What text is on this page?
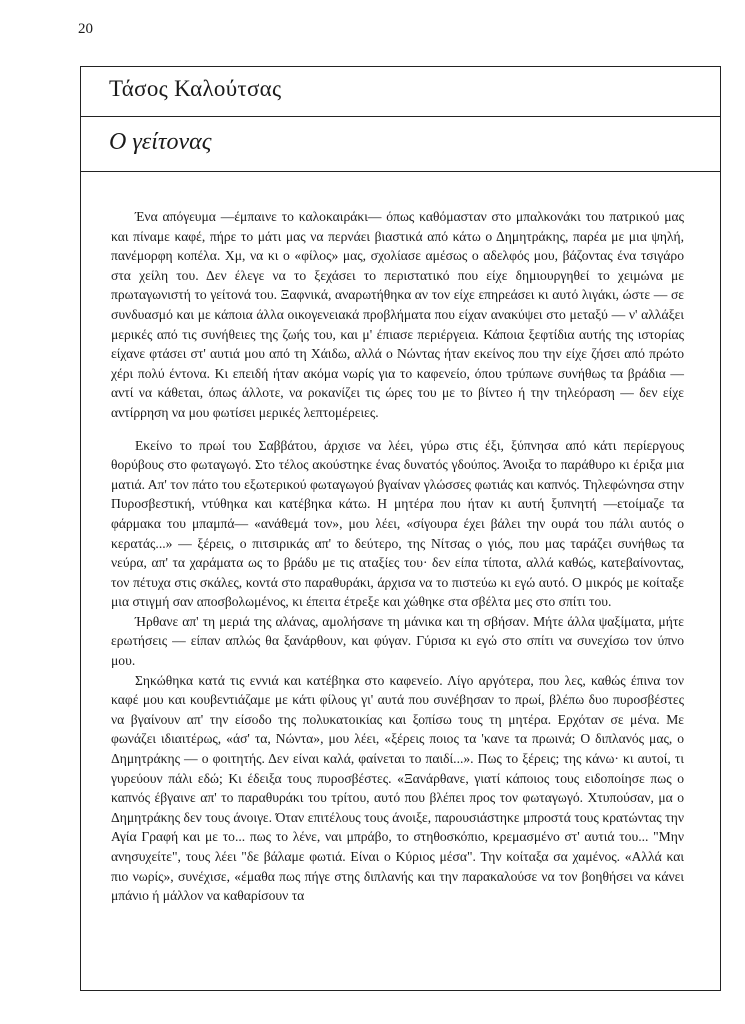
20
Τάσος Καλούτσας
Ο γείτονας

Ένα απόγευμα —έμπαινε το καλοκαιράκι— όπως καθόμασταν στο μπαλκονάκι του πατρικού μας και πίναμε καφέ, πήρε το μάτι μας να περνάει βιαστικά από κάτω ο Δημητράκης, παρέα με μια ψηλή, πανέμορφη κοπέλα. Χμ, να κι ο «φίλος» μας, σχολίασε αμέσως ο αδελφός μου, βάζοντας ένα τσιγάρο στα χείλη του. Δεν έλεγε να το ξεχάσει το περιστατικό που είχε δημιουργηθεί το χειμώνα με πρωταγωνιστή το γείτονά του. Ξαφνικά, αναρωτήθηκα αν τον είχε επηρεάσει κι αυτό λιγάκι, ώστε — σε συνδυασμό και με κάποια άλλα οικογενειακά προβλήματα που είχαν ανακύψει στο μεταξύ — ν' αλλάξει μερικές από τις συνήθειες της ζωής του, και μ' έπιασε περιέργεια. Κάποια ξεφτίδια αυτής της ιστορίας είχανε φτάσει στ' αυτιά μου από τη Χάιδω, αλλά ο Νώντας ήταν εκείνος που την είχε ζήσει από πρώτο χέρι πολύ έντονα. Κι επειδή ήταν ακόμα νωρίς για το καφενείο, όπου τρύπωνε συνήθως τα βράδια — αντί να κάθεται, όπως άλλοτε, να ροκανίζει τις ώρες του με το βίντεο ή την τηλεόραση — δεν είχε αντίρρηση να μου φωτίσει μερικές λεπτομέρειες.

Εκείνο το πρωί του Σαββάτου, άρχισε να λέει, γύρω στις έξι, ξύπνησα από κάτι περίεργους θορύβους στο φωταγωγό. Στο τέλος ακούστηκε ένας δυνατός γδούπος. Άνοιξα το παράθυρο κι έριξα μια ματιά. Απ' τον πάτο του εξωτερικού φωταγωγού βγαίναν γλώσσες φωτιάς και καπνός. Τηλεφώνησα στην Πυροσβεστική, ντύθηκα και κατέβηκα κάτω. Η μητέρα που ήταν κι αυτή ξυπνητή —ετοίμαζε τα φάρμακα του μπαμπά— «ανάθεμά τον», μου λέει, «σίγουρα έχει βάλει την ουρά του πάλι αυτός ο κερατάς...» — ξέρεις, ο πιτσιρικάς απ' το δεύτερο, της Νίτσας ο γιός, που μας ταράζει συνήθως τα νεύρα, απ' τα χαράματα ως το βράδυ με τις αταξίες του· δεν είπα τίποτα, αλλά καθώς, κατεβαίνοντας, τον πέτυχα στις σκάλες, κοντά στο παραθυράκι, άρχισα να το πιστεύω κι εγώ αυτό. Ο μικρός με κοίταξε μια στιγμή σαν αποσβολωμένος, κι έπειτα έτρεξε και χώθηκε στα σβέλτα μες στο σπίτι του.

Ήρθανε απ' τη μεριά της αλάνας, αμολήσανε τη μάνικα και τη σβήσαν. Μήτε άλλα ψαξίματα, μήτε ερωτήσεις — είπαν απλώς θα ξανάρθουν, και φύγαν. Γύρισα κι εγώ στο σπίτι να συνεχίσω τον ύπνο μου.

Σηκώθηκα κατά τις εννιά και κατέβηκα στο καφενείο. Λίγο αργότερα, που λες, καθώς έπινα τον καφέ μου και κουβεντιάζαμε με κάτι φίλους γι' αυτά που συνέβησαν το πρωί, βλέπω δυο πυροσβέστες να βγαίνουν απ' την είσοδο της πολυκατοικίας και ξοπίσω τους τη μητέρα. Ερχόταν σε μένα. Με φωνάζει ιδιαιτέρως, «άσ' τα, Νώντα», μου λέει, «ξέρεις ποιος τα 'κανε τα πρωινά; Ο διπλανός μας, ο Δημητράκης — ο φοιτητής. Δεν είναι καλά, φαίνεται το παιδί...». Πως το ξέρεις; της κάνω· κι αυτοί, τι γυρεύουν πάλι εδώ; Κι έδειξα τους πυροσβέστες. «Ξανάρθανε, γιατί κάποιος τους ειδοποίησε πως ο καπνός έβγαινε απ' το παραθυράκι του τρίτου, αυτό που βλέπει προς τον φωταγωγό. Χτυπούσαν, μα ο Δημητράκης δεν τους άνοιγε. Όταν επιτέλους τους άνοιξε, παρουσιάστηκε μπροστά τους κρατώντας την Αγία Γραφή και με το... πως το λένε, ναι μπράβο, το στηθοσκόπιο, κρεμασμένο στ' αυτιά του... "Μην ανησυχείτε", τους λέει "δε βάλαμε φωτιά. Είναι ο Κύριος μέσα". Την κοίταξα σα χαμένος. «Αλλά και πιο νωρίς», συνέχισε, «έμαθα πως πήγε στης διπλανής και την παρακαλούσε να τον βοηθήσει να κάνει μπάνιο ή μάλλον να καθαρίσουν τα
